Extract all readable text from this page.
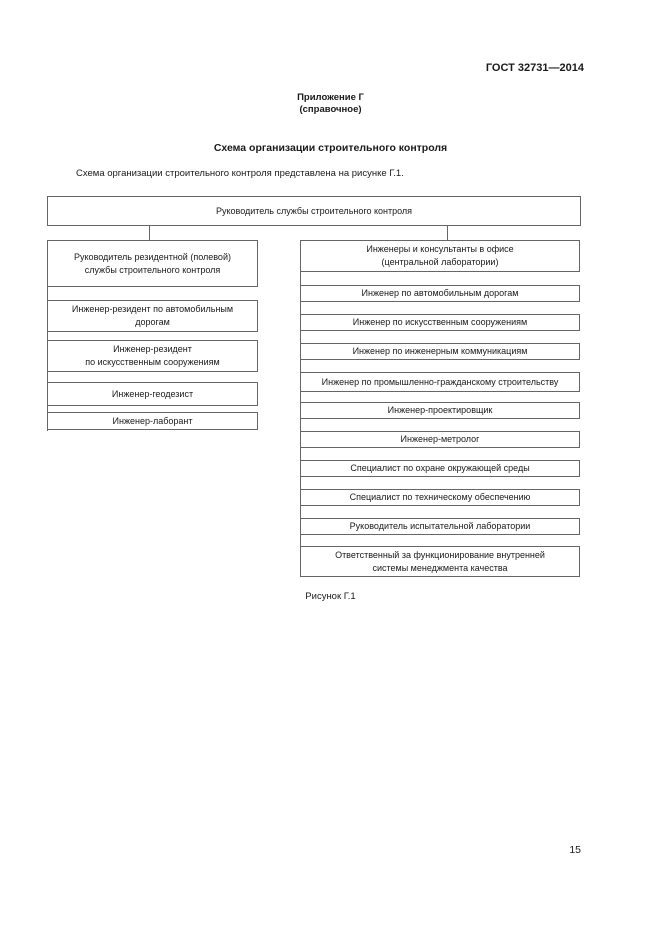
ГОСТ 32731—2014
Приложение Г
(справочное)
Схема организации строительного контроля
Схема организации строительного контроля представлена на рисунке Г.1.
Руководитель службы строительного контроля
Руководитель резидентной (полевой)
службы строительного контроля
Инженер-резидент по автомобильным
дорогам
Инженер-резидент
по искусственным сооружениям
Инженер-геодезист
Инженер-лаборант
Инженеры и консультанты в офисе
(центральной лаборатории)
Инженер по автомобильным дорогам
Инженер по искусственным сооружениям
Инженер по инженерным коммуникациям
Инженер по промышленно-гражданскому строительству
Инженер-проектировщик
Инженер-метролог
Специалист по охране окружающей среды
Специалист по техническому обеспечению
Руководитель испытательной лаборатории
Ответственный за функционирование внутренней
системы менеджмента качества
Рисунок Г.1
15
